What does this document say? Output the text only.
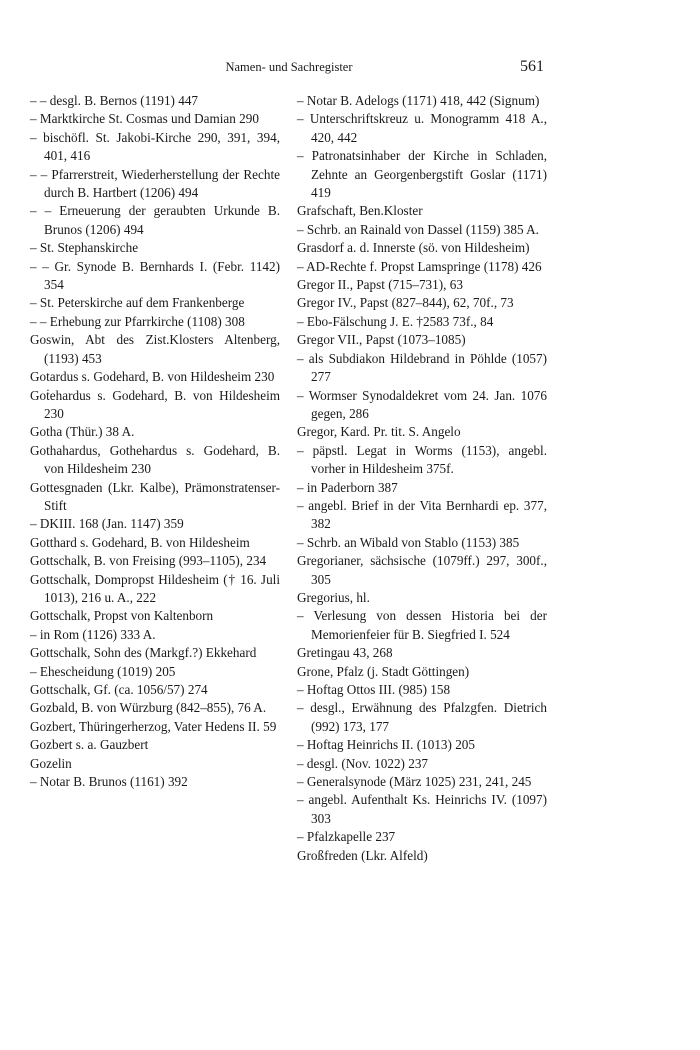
Namen- und Sachregister	561
– – desgl. B. Bernos (1191) 447
– Marktkirche St. Cosmas und Damian 290
– bischöfl. St. Jakobi-Kirche 290, 391, 394, 401, 416
– – Pfarrerstreit, Wiederherstellung der Rechte durch B. Hartbert (1206) 494
– – Erneuerung der geraubten Urkunde B. Brunos (1206) 494
– St. Stephanskirche
– – Gr. Synode B. Bernhards I. (Febr. 1142) 354
– St. Peterskirche auf dem Frankenberge
– – Erhebung zur Pfarrkirche (1108) 308
Goswin, Abt des Zist.Klosters Altenberg, (1193) 453
Gotardus s. Godehard, B. von Hildesheim 230
Goṫehardus s. Godehard, B. von Hildesheim 230
Gotha (Thür.) 38 A.
Gothahardus, Gothehardus s. Godehard, B. von Hildesheim 230
Gottesgnaden (Lkr. Kalbe), Prämonstratenser-Stift
– DKIII. 168 (Jan. 1147) 359
Gotthard s. Godehard, B. von Hildesheim
Gottschalk, B. von Freising (993–1105), 234
Gottschalk, Dompropst Hildesheim († 16. Juli 1013), 216 u. A., 222
Gottschalk, Propst von Kaltenborn
– in Rom (1126) 333 A.
Gottschalk, Sohn des (Markgf.?) Ekkehard
– Ehescheidung (1019) 205
Gottschalk, Gf. (ca. 1056/57) 274
Gozbald, B. von Würzburg (842–855), 76 A.
Gozbert, Thüringerherzog, Vater Hedens II. 59
Gozbert s. a. Gauzbert
Gozelin
– Notar B. Brunos (1161) 392
– Notar B. Adelogs (1171) 418, 442 (Signum)
– Unterschriftskreuz u. Monogramm 418 A., 420, 442
– Patronatsinhaber der Kirche in Schladen, Zehnte an Georgenbergstift Goslar (1171) 419
Grafschaft, Ben.Kloster
– Schrb. an Rainald von Dassel (1159) 385 A.
Grasdorf a. d. Innerste (sö. von Hildesheim)
– AD-Rechte f. Propst Lamspringe (1178) 426
Gregor II., Papst (715–731), 63
Gregor IV., Papst (827–844), 62, 70f., 73
– Ebo-Fälschung J. E. †2583 73f., 84
Gregor VII., Papst (1073–1085)
– als Subdiakon Hildebrand in Pöhlde (1057) 277
– Wormser Synodaldekret vom 24. Jan. 1076 gegen, 286
Gregor, Kard. Pr. tit. S. Angelo
– päpstl. Legat in Worms (1153), angebl. vorher in Hildesheim 375f.
– in Paderborn 387
– angebl. Brief in der Vita Bernhardi ep. 377, 382
– Schrb. an Wibald von Stablo (1153) 385
Gregorianer, sächsische (1079ff.) 297, 300f., 305
Gregorius, hl.
– Verlesung von dessen Historia bei der Memorienfeier für B. Siegfried I. 524
Gretingau 43, 268
Grone, Pfalz (j. Stadt Göttingen)
– Hoftag Ottos III. (985) 158
– desgl., Erwähnung des Pfalzgfen. Dietrich (992) 173, 177
– Hoftag Heinrichs II. (1013) 205
– desgl. (Nov. 1022) 237
– Generalsynode (März 1025) 231, 241, 245
– angebl. Aufenthalt Ks. Heinrichs IV. (1097) 303
– Pfalzkapelle 237
Großfreden (Lkr. Alfeld)
